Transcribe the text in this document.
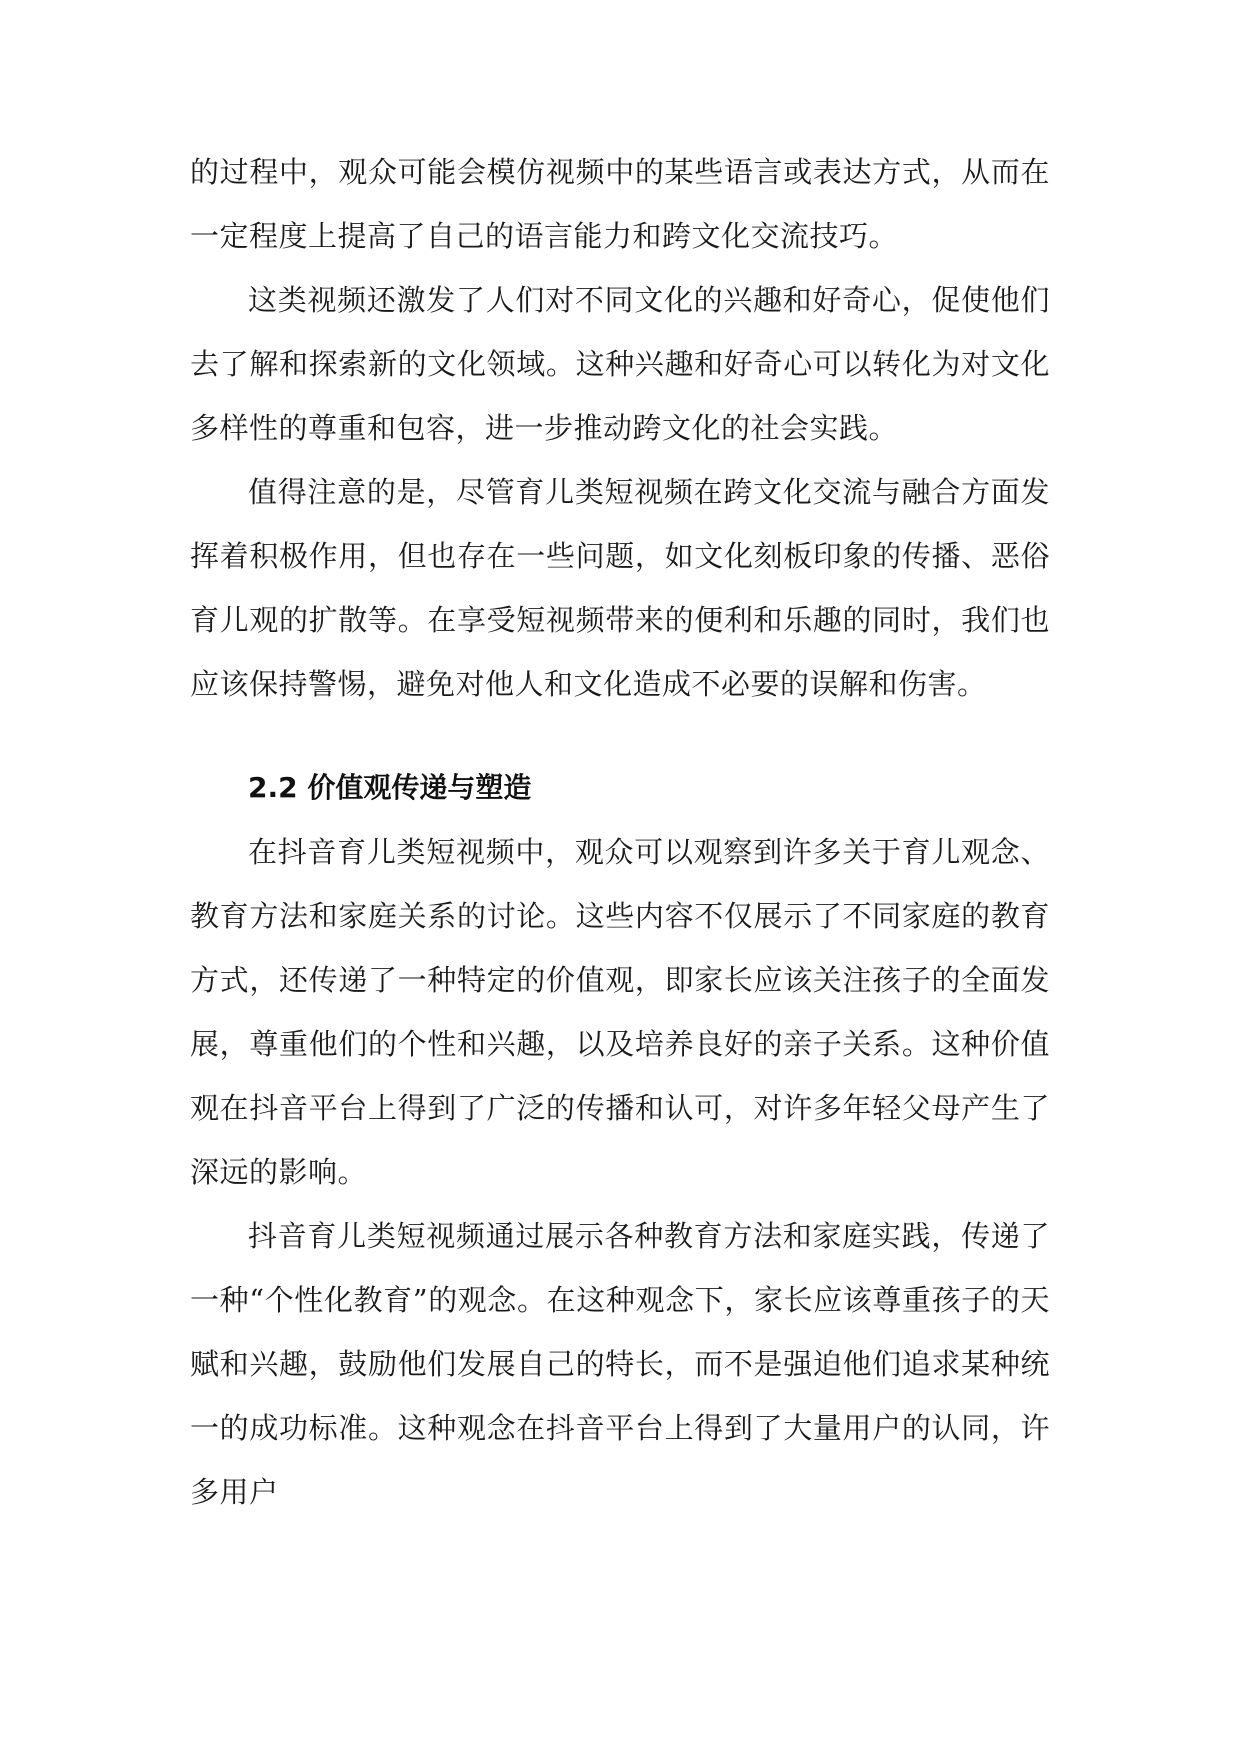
的过程中，观众可能会模仿视频中的某些语言或表达方式，从而在一定程度上提高了自己的语言能力和跨文化交流技巧。

这类视频还激发了人们对不同文化的兴趣和好奇心，促使他们去了解和探索新的文化领域。这种兴趣和好奇心可以转化为对文化多样性的尊重和包容，进一步推动跨文化的社会实践。

值得注意的是，尽管育儿类短视频在跨文化交流与融合方面发挥着积极作用，但也存在一些问题，如文化刻板印象的传播、恶俗育儿观的扩散等。在享受短视频带来的便利和乐趣的同时，我们也应该保持警惕，避免对他人和文化造成不必要的误解和伤害。

2.2 价值观传递与塑造

在抖音育儿类短视频中，观众可以观察到许多关于育儿观念、教育方法和家庭关系的讨论。这些内容不仅展示了不同家庭的教育方式，还传递了一种特定的价值观，即家长应该关注孩子的全面发展，尊重他们的个性和兴趣，以及培养良好的亲子关系。这种价值观在抖音平台上得到了广泛的传播和认可，对许多年轻父母产生了深远的影响。

抖音育儿类短视频通过展示各种教育方法和家庭实践，传递了一种“个性化教育”的观念。在这种观念下，家长应该尊重孩子的天赋和兴趣，鼓励他们发展自己的特长，而不是强迫他们追求某种统一的成功标准。这种观念在抖音平台上得到了大量用户的认同，许多用户
